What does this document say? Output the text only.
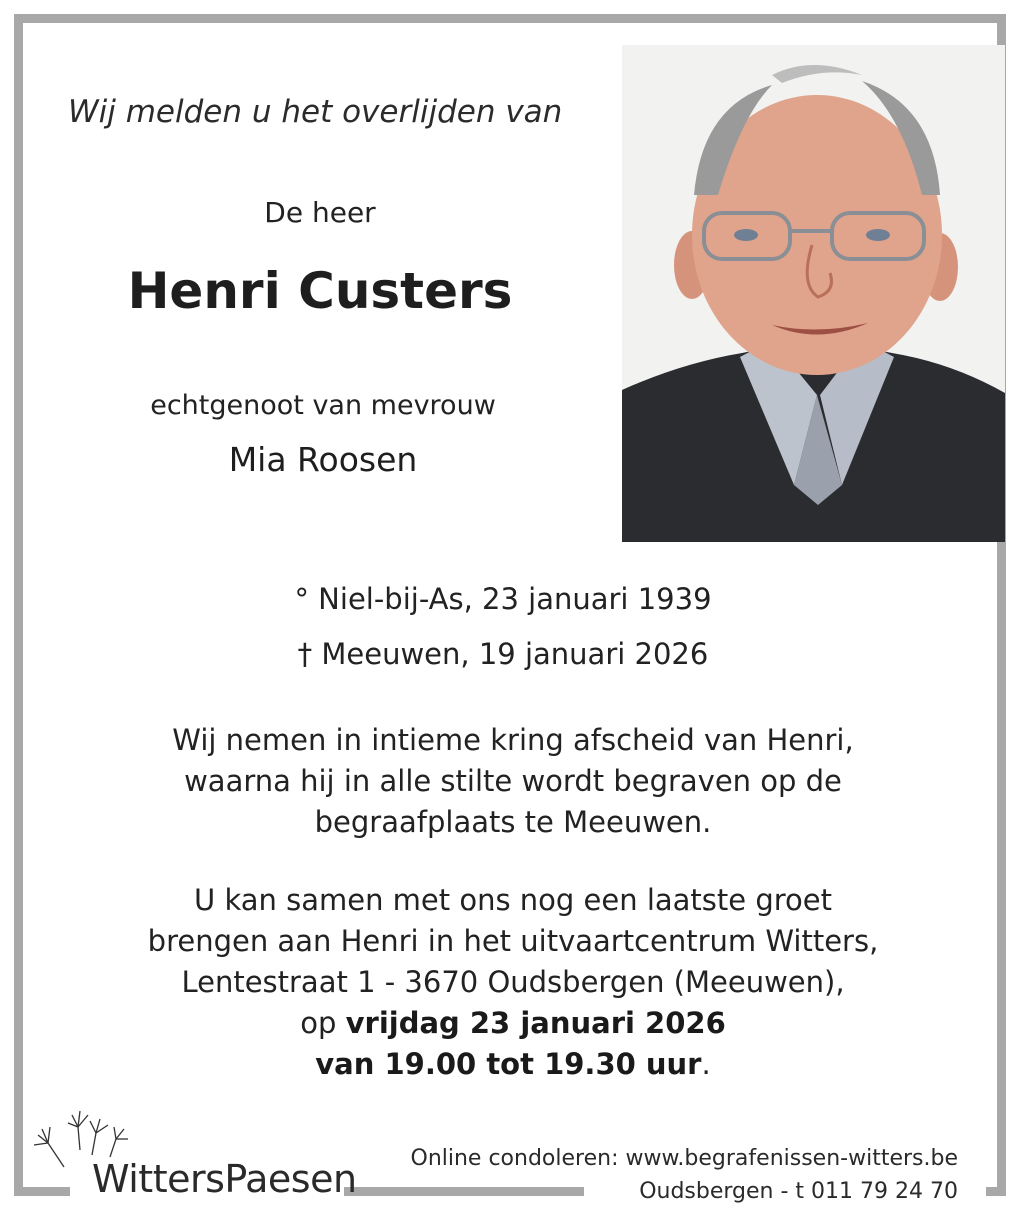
Wij melden u het overlijden van
De heer
Henri Custers
echtgenoot van mevrouw
Mia Roosen
° Niel-bij-As, 23 januari 1939
† Meeuwen, 19 januari 2026
Wij nemen in intieme kring afscheid van Henri,
waarna hij in alle stilte wordt begraven op de
begraafplaats te Meeuwen.
U kan samen met ons nog een laatste groet
brengen aan Henri in het uitvaartcentrum Witters,
Lentestraat 1 - 3670 Oudsbergen (Meeuwen),
op vrijdag 23 januari 2026
van 19.00 tot 19.30 uur.
WittersPaesen Online condoleren: www.begrafenissen-witters.be
Oudsbergen - t 011 79 24 70
